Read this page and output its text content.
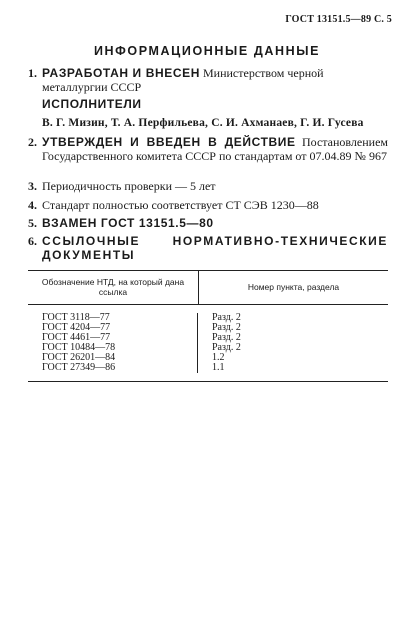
ГОСТ 13151.5—89 С. 5
ИНФОРМАЦИОННЫЕ ДАННЫЕ
1. РАЗРАБОТАН И ВНЕСЕН Министерством черной металлургии СССР
ИСПОЛНИТЕЛИ
В. Г. Мизин, Т. А. Перфильева, С. И. Ахманаев, Г. И. Гусева
2. УТВЕРЖДЕН И ВВЕДЕН В ДЕЙСТВИЕ Постановлением Государственного комитета СССР по стандартам от 07.04.89 № 967
3. Периодичность проверки — 5 лет
4. Стандарт полностью соответствует СТ СЭВ 1230—88
5. ВЗАМЕН ГОСТ 13151.5—80
6. ССЫЛОЧНЫЕ НОРМАТИВНО-ТЕХНИЧЕСКИЕ ДОКУМЕНТЫ
Обозначение НТД, на который дана ссылка	Номер пункта, раздела
ГОСТ 3118—77
ГОСТ 4204—77
ГОСТ 4461—77
ГОСТ 10484—78
ГОСТ 26201—84
ГОСТ 27349—86
Разд. 2
Разд. 2
Разд. 2
Разд. 2
1.2
1.1
